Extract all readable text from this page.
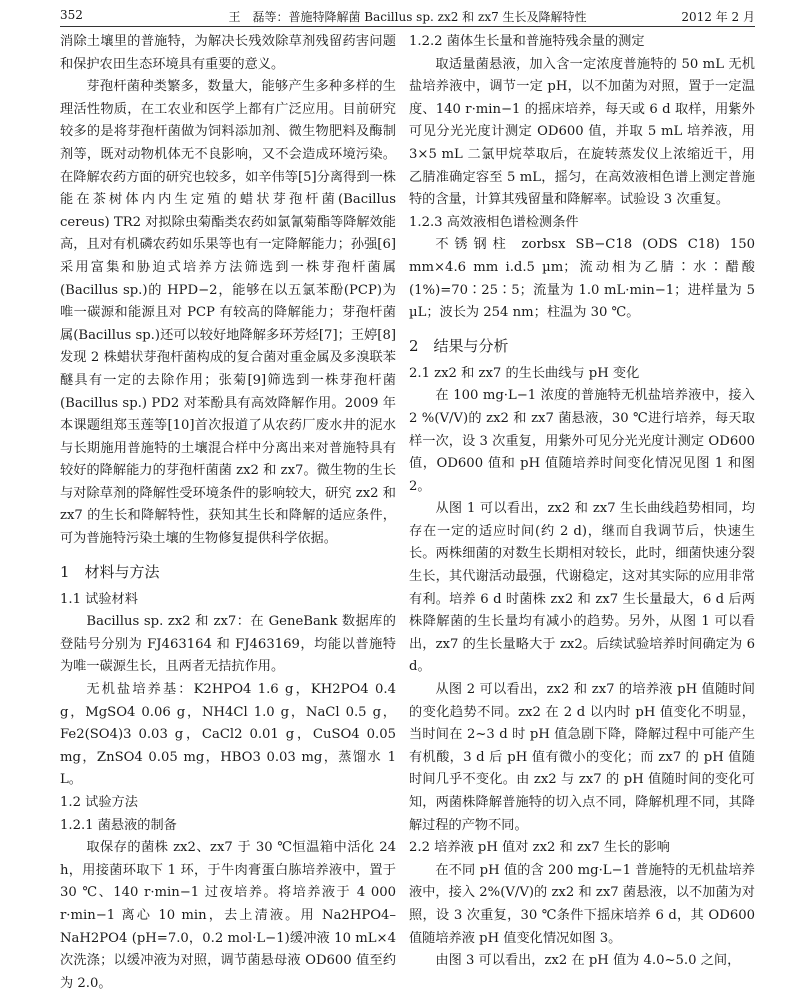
352	王　磊等：普施特降解菌 Bacillus sp. zx2 和 zx7 生长及降解特性	2012 年 2 月

消除土壤里的普施特，为解决长残效除草剂残留药害问题和保护农田生态环境具有重要的意义。

芽孢杆菌种类繁多，数量大，能够产生多种多样的生理活性物质，在工农业和医学上都有广泛应用。目前研究较多的是将芽孢杆菌做为饲料添加剂、微生物肥料及酶制剂等，既对动物机体无不良影响，又不会造成环境污染。在降解农药方面的研究也较多，如辛伟等[5]分离得到一株能在茶树体内内生定殖的蜡状芽孢杆菌(Bacillus cereus) TR2 对拟除虫菊酯类农药如氯氰菊酯等降解效能高，且对有机磷农药如乐果等也有一定降解能力；孙强[6]采用富集和胁迫式培养方法筛选到一株芽孢杆菌属(Bacillus sp.)的 HPD−2，能够在以五氯苯酚(PCP)为唯一碳源和能源且对 PCP 有较高的降解能力；芽孢杆菌属(Bacillus sp.)还可以较好地降解多环芳烃[7]；王婷[8]发现 2 株蜡状芽孢杆菌构成的复合菌对重金属及多溴联苯醚具有一定的去除作用；张菊[9]筛选到一株芽孢杆菌(Bacillus sp.) PD2 对苯酚具有高效降解作用。2009 年本课题组郑玉莲等[10]首次报道了从农药厂废水井的泥水与长期施用普施特的土壤混合样中分离出来对普施特具有较好的降解能力的芽孢杆菌菌 zx2 和 zx7。微生物的生长与对除草剂的降解性受环境条件的影响较大，研究 zx2 和 zx7 的生长和降解特性，获知其生长和降解的适应条件，可为普施特污染土壤的生物修复提供科学依据。

1　材料与方法
1.1 试验材料

Bacillus sp. zx2 和 zx7：在 GeneBank 数据库的登陆号分别为 FJ463164 和 FJ463169，均能以普施特为唯一碳源生长，且两者无拮抗作用。

无机盐培养基：K2HPO4 1.6 g，KH2PO4 0.4 g，MgSO4 0.06 g，NH4Cl 1.0 g，NaCl 0.5 g，Fe2(SO4)3 0.03 g，CaCl2 0.01 g，CuSO4 0.05 mg，ZnSO4 0.05 mg，HBO3 0.03 mg，蒸馏水 1 L。

1.2 试验方法
1.2.1 菌悬液的制备

取保存的菌株 zx2、zx7 于 30 ℃恒温箱中活化 24 h，用接菌环取下 1 环，于牛肉膏蛋白胨培养液中，置于 30 ℃、140 r·min−1 过夜培养。将培养液于 4 000 r·min−1 离心 10 min，去上清液。用 Na2HPO4–NaH2PO4 (pH=7.0，0.2 mol·L−1)缓冲液 10 mL×4 次洗涤；以缓冲液为对照，调节菌悬母液 OD600 值至约为 2.0。

1.2.2 菌体生长量和普施特残余量的测定

取适量菌悬液，加入含一定浓度普施特的 50 mL 无机盐培养液中，调节一定 pH，以不加菌为对照，置于一定温度、140 r·min−1 的摇床培养，每天或 6 d 取样，用紫外可见分光光度计测定 OD600 值，并取 5 mL 培养液，用 3×5 mL 二氯甲烷萃取后，在旋转蒸发仪上浓缩近干，用乙腈准确定容至 5 mL，摇匀，在高效液相色谱上测定普施特的含量，计算其残留量和降解率。试验设 3 次重复。

1.2.3 高效液相色谱检测条件

不锈钢柱 zorbsx SB−C18 (ODS C18) 150 mm×4.6 mm i.d.5 µm；流动相为乙腈∶水∶醋酸(1%)=70∶25∶5；流量为 1.0 mL·min−1；进样量为 5 µL；波长为 254 nm；柱温为 30 ℃。

2　结果与分析
2.1 zx2 和 zx7 的生长曲线与 pH 变化

在 100 mg·L−1 浓度的普施特无机盐培养液中，接入 2 %(V/V)的 zx2 和 zx7 菌悬液，30 ℃进行培养，每天取样一次，设 3 次重复，用紫外可见分光光度计测定 OD600 值，OD600 值和 pH 值随培养时间变化情况见图 1 和图 2。

从图 1 可以看出，zx2 和 zx7 生长曲线趋势相同，均存在一定的适应时间(约 2 d)，继而自我调节后，快速生长。两株细菌的对数生长期相对较长，此时，细菌快速分裂生长，其代谢活动最强，代谢稳定，这对其实际的应用非常有利。培养 6 d 时菌株 zx2 和 zx7 生长量最大，6 d 后两株降解菌的生长量均有减小的趋势。另外，从图 1 可以看出，zx7 的生长量略大于 zx2。后续试验培养时间确定为 6 d。

从图 2 可以看出，zx2 和 zx7 的培养液 pH 值随时间的变化趋势不同。zx2 在 2 d 以内时 pH 值变化不明显，当时间在 2~3 d 时 pH 值急剧下降，降解过程中可能产生有机酸，3 d 后 pH 值有微小的变化；而 zx7 的 pH 值随时间几乎不变化。由 zx2 与 zx7 的 pH 值随时间的变化可知，两菌株降解普施特的切入点不同，降解机理不同，其降解过程的产物不同。

2.2 培养液 pH 值对 zx2 和 zx7 生长的影响

在不同 pH 值的含 200 mg·L−1 普施特的无机盐培养液中，接入 2%(V/V)的 zx2 和 zx7 菌悬液，以不加菌为对照，设 3 次重复，30 ℃条件下摇床培养 6 d，其 OD600 值随培养液 pH 值变化情况如图 3。

由图 3 可以看出，zx2 在 pH 值为 4.0~5.0 之间，
